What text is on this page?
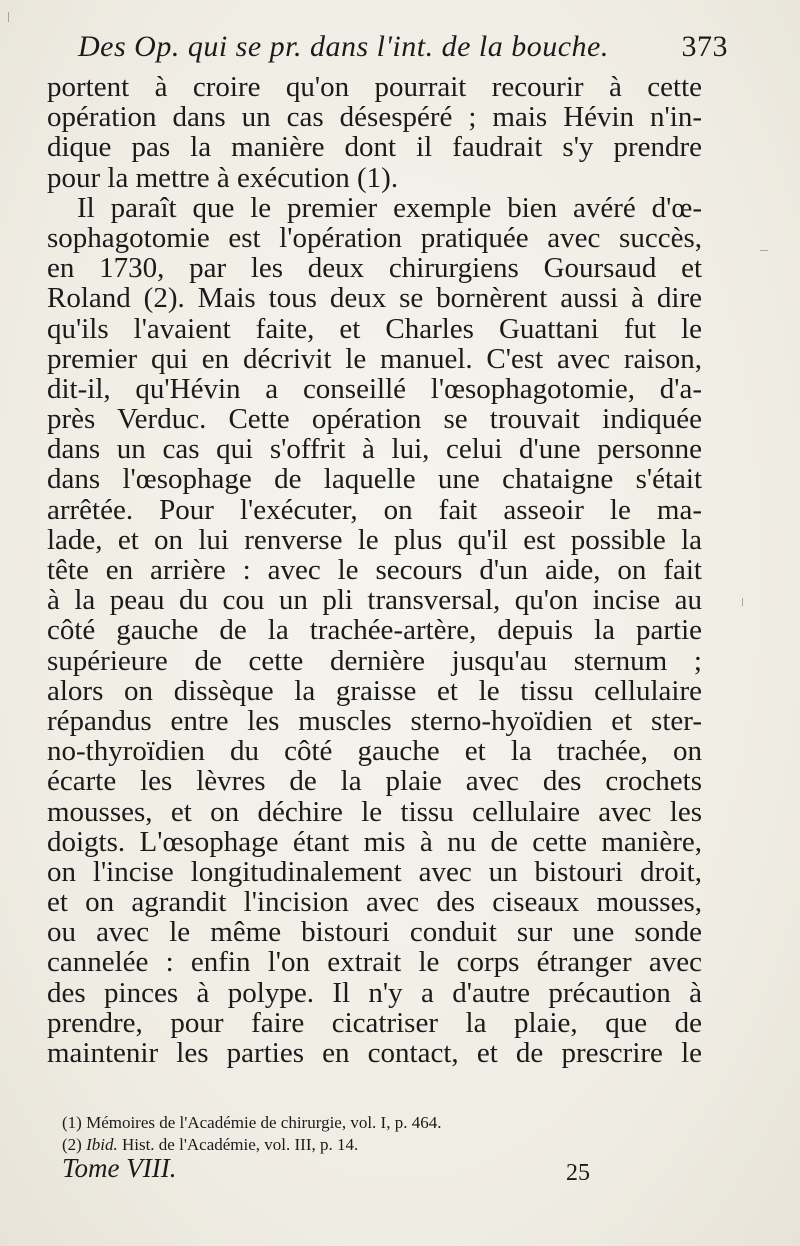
Des Op. qui se pr. dans l'int. de la bouche. 373
portent à croire qu'on pourrait recourir à cette
opération dans un cas désespéré ; mais Hévin n'in-
dique pas la manière dont il faudrait s'y prendre
pour la mettre à exécution (1).
Il paraît que le premier exemple bien avéré d'œ-
sophagotomie est l'opération pratiquée avec succès,
en 1730, par les deux chirurgiens Goursaud et
Roland (2). Mais tous deux se bornèrent aussi à dire
qu'ils l'avaient faite, et Charles Guattani fut le
premier qui en décrivit le manuel. C'est avec raison,
dit-il, qu'Hévin a conseillé l'œsophagotomie, d'a-
près Verduc. Cette opération se trouvait indiquée
dans un cas qui s'offrit à lui, celui d'une personne
dans l'œsophage de laquelle une chataigne s'était
arrêtée. Pour l'exécuter, on fait asseoir le ma-
lade, et on lui renverse le plus qu'il est possible la
tête en arrière : avec le secours d'un aide, on fait
à la peau du cou un pli transversal, qu'on incise au
côté gauche de la trachée-artère, depuis la partie
supérieure de cette dernière jusqu'au sternum ;
alors on dissèque la graisse et le tissu cellulaire
répandus entre les muscles sterno-hyoïdien et ster-
no-thyroïdien du côté gauche et la trachée, on
écarte les lèvres de la plaie avec des crochets
mousses, et on déchire le tissu cellulaire avec les
doigts. L'œsophage étant mis à nu de cette manière,
on l'incise longitudinalement avec un bistouri droit,
et on agrandit l'incision avec des ciseaux mousses,
ou avec le même bistouri conduit sur une sonde
cannelée : enfin l'on extrait le corps étranger avec
des pinces à polype. Il n'y a d'autre précaution à
prendre, pour faire cicatriser la plaie, que de
maintenir les parties en contact, et de prescrire le
(1) Mémoires de l'Académie de chirurgie, vol. I, p. 464.
(2) Ibid. Hist. de l'Académie, vol. III, p. 14.
Tome VIII.	25
